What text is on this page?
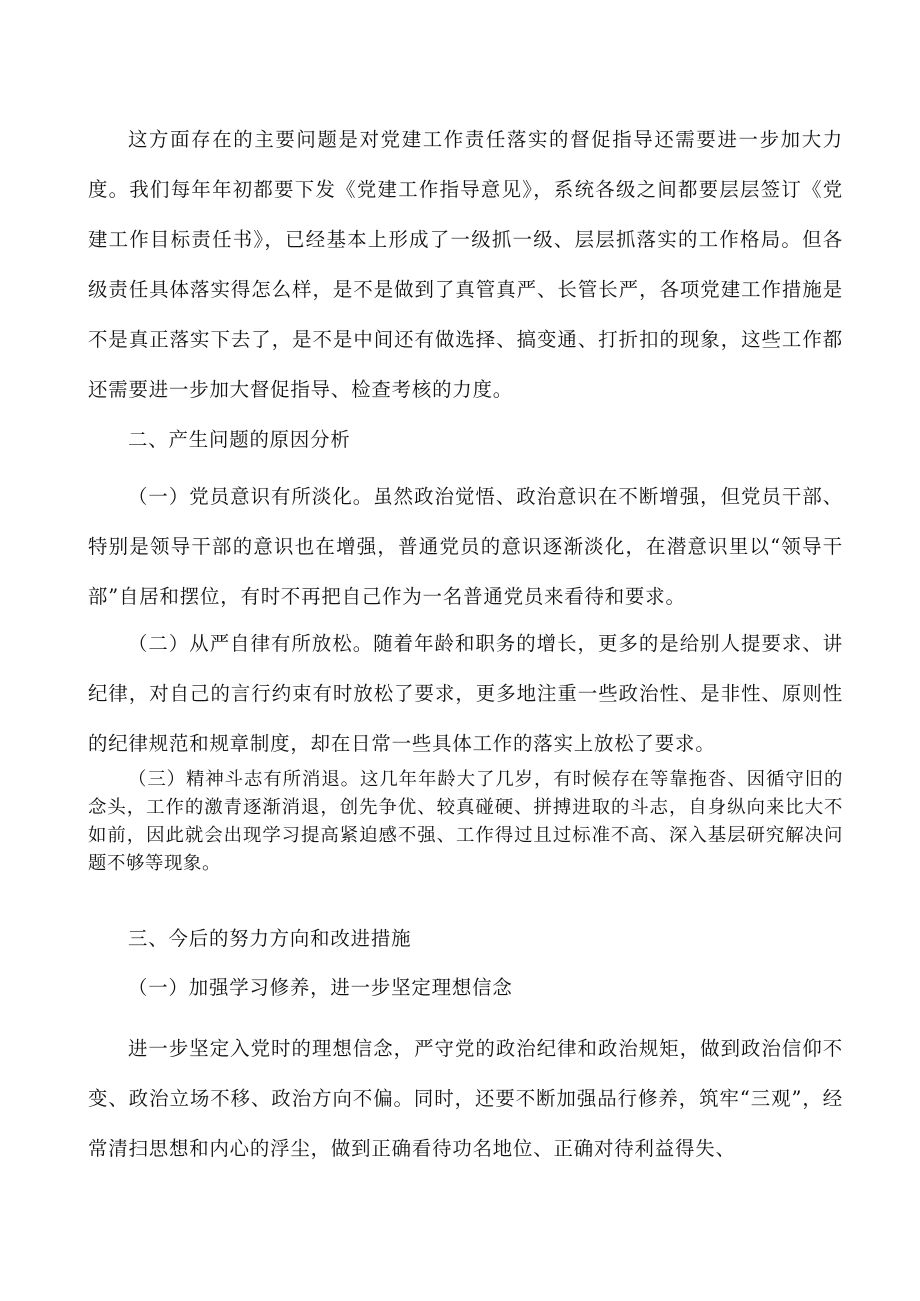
这方面存在的主要问题是对党建工作责任落实的督促指导还需要进一步加大力度。我们每年年初都要下发《党建工作指导意见》，系统各级之间都要层层签订《党建工作目标责任书》，已经基本上形成了一级抓一级、层层抓落实的工作格局。但各级责任具体落实得怎么样，是不是做到了真管真严、长管长严，各项党建工作措施是不是真正落实下去了，是不是中间还有做选择、搞变通、打折扣的现象，这些工作都还需要进一步加大督促指导、检查考核的力度。

二、产生问题的原因分析

（一）党员意识有所淡化。虽然政治觉悟、政治意识在不断增强，但党员干部、特别是领导干部的意识也在增强，普通党员的意识逐渐淡化，在潜意识里以“领导干部”自居和摆位，有时不再把自己作为一名普通党员来看待和要求。

（二）从严自律有所放松。随着年龄和职务的增长，更多的是给别人提要求、讲纪律，对自己的言行约束有时放松了要求，更多地注重一些政治性、是非性、原则性的纪律规范和规章制度，却在日常一些具体工作的落实上放松了要求。

（三）精神斗志有所消退。这几年年龄大了几岁，有时候存在等靠拖沓、因循守旧的念头，工作的激青逐渐消退，创先争优、较真碰硬、拼搏进取的斗志，自身纵向来比大不如前，因此就会出现学习提高紧迫感不强、工作得过且过标准不高、深入基层研究解决问题不够等现象。

三、今后的努力方向和改进措施

（一）加强学习修养，进一步坚定理想信念

进一步坚定入党时的理想信念，严守党的政治纪律和政治规矩，做到政治信仰不变、政治立场不移、政治方向不偏。同时，还要不断加强品行修养，筑牢“三观”，经常清扫思想和内心的浮尘，做到正确看待功名地位、正确对待利益得失、
